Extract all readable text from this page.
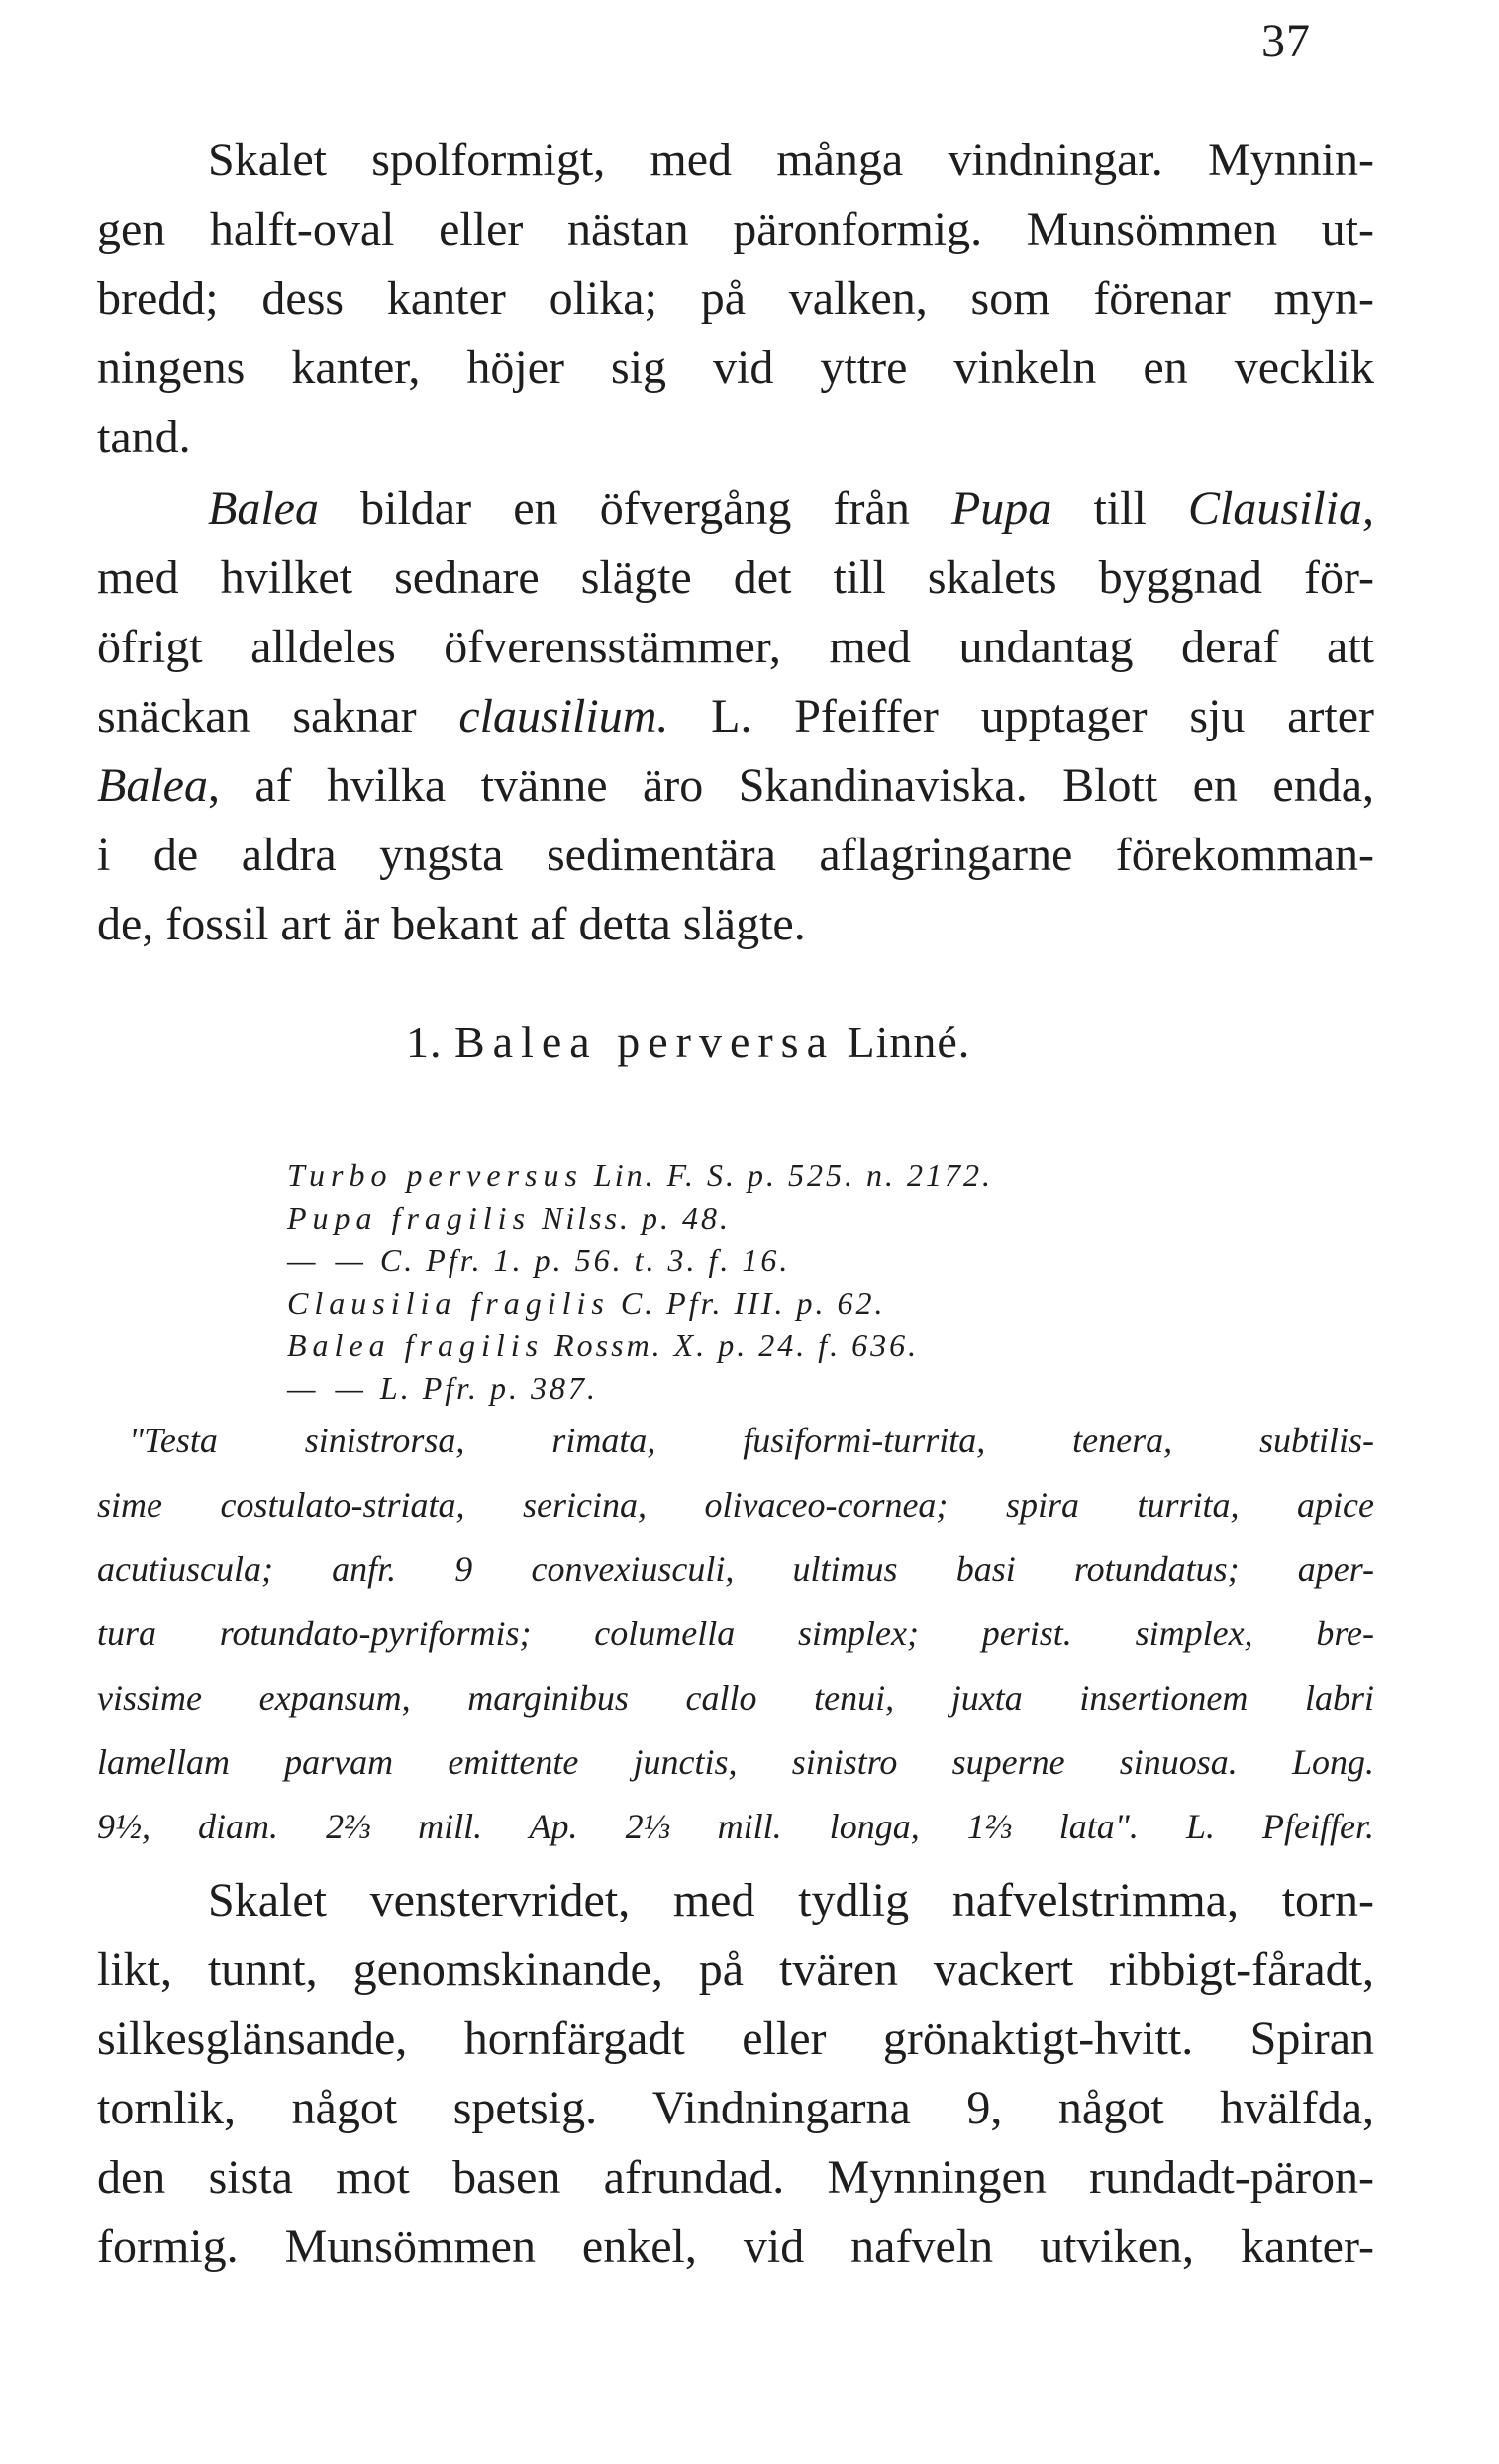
37
Skalet spolformigt, med många vindningar. Mynnin-
gen halft-oval eller nästan päronformig. Munsömmen ut-
bredd; dess kanter olika; på valken, som förenar myn-
ningens kanter, höjer sig vid yttre vinkeln en vecklik
tand.
Balea bildar en öfvergång från Pupa till Clausilia,
med hvilket sednare slägte det till skalets byggnad för-
öfrigt alldeles öfverensstämmer, med undantag deraf att
snäckan saknar clausilium. L. Pfeiffer upptager sju arter
Balea, af hvilka tvänne äro Skandinaviska. Blott en enda,
i de aldra yngsta sedimentära aflagringarne förekomman-
de, fossil art är bekant af detta slägte.
1. Balea perversa Linné.
Turbo perversus Lin. F. S. p. 525. n. 2172.
Pupa fragilis Nilss. p. 48.
— — C. Pfr. 1. p. 56. t. 3. f. 16.
Clausilia fragilis C. Pfr. III. p. 62.
Balea fragilis Rossm. X. p. 24. f. 636.
— — L. Pfr. p. 387.
"Testa sinistrorsa, rimata, fusiformi-turrita, tenera, subtilis-
sime costulato-striata, sericina, olivaceo-cornea; spira turrita, apice
acutiuscula; anfr. 9 convexiusculi, ultimus basi rotundatus; aper-
tura rotundato-pyriformis; columella simplex; perist. simplex, bre-
vissime expansum, marginibus callo tenui, juxta insertionem labri
lamellam parvam emittente junctis, sinistro superne sinuosa. Long.
9½, diam. 2⅔ mill. Ap. 2⅓ mill. longa, 1⅔ lata". L. Pfeiffer.
Skalet venstervridet, med tydlig nafvelstrimma, torn-
likt, tunnt, genomskinande, på tvären vackert ribbigt-fåradt,
silkesglänsande, hornfärgadt eller grönaktigt-hvitt. Spiran
tornlik, något spetsig. Vindningarna 9, något hvälfda,
den sista mot basen afrundad. Mynningen rundadt-päron-
formig. Munsömmen enkel, vid nafveln utviken, kanter-
